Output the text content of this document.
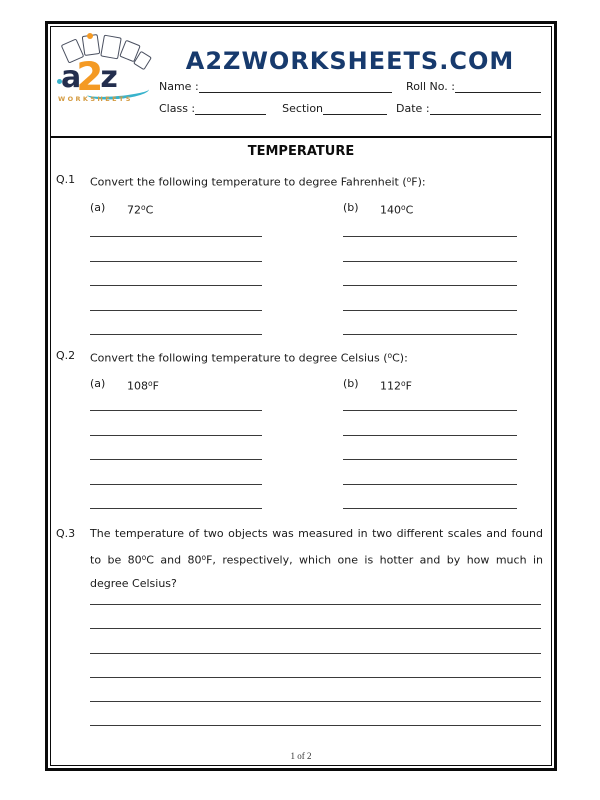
a2z
WORKSHEETS
A2ZWORKSHEETS.COM
Name :	Roll No. :
Class :	Section	Date :
TEMPERATURE
Q.1	Convert the following temperature to degree Fahrenheit ($^o$F):
(a)	72$^o$C	(b)	140$^o$C
Q.2	Convert the following temperature to degree Celsius ($^o$C):
(a)	108$^o$F	(b)	112$^o$F
Q.3	The temperature of two objects was measured in two different scales and found to be 80$^o$C and 80$^o$F, respectively, which one is hotter and by how much in degree Celsius?
1 of 2
